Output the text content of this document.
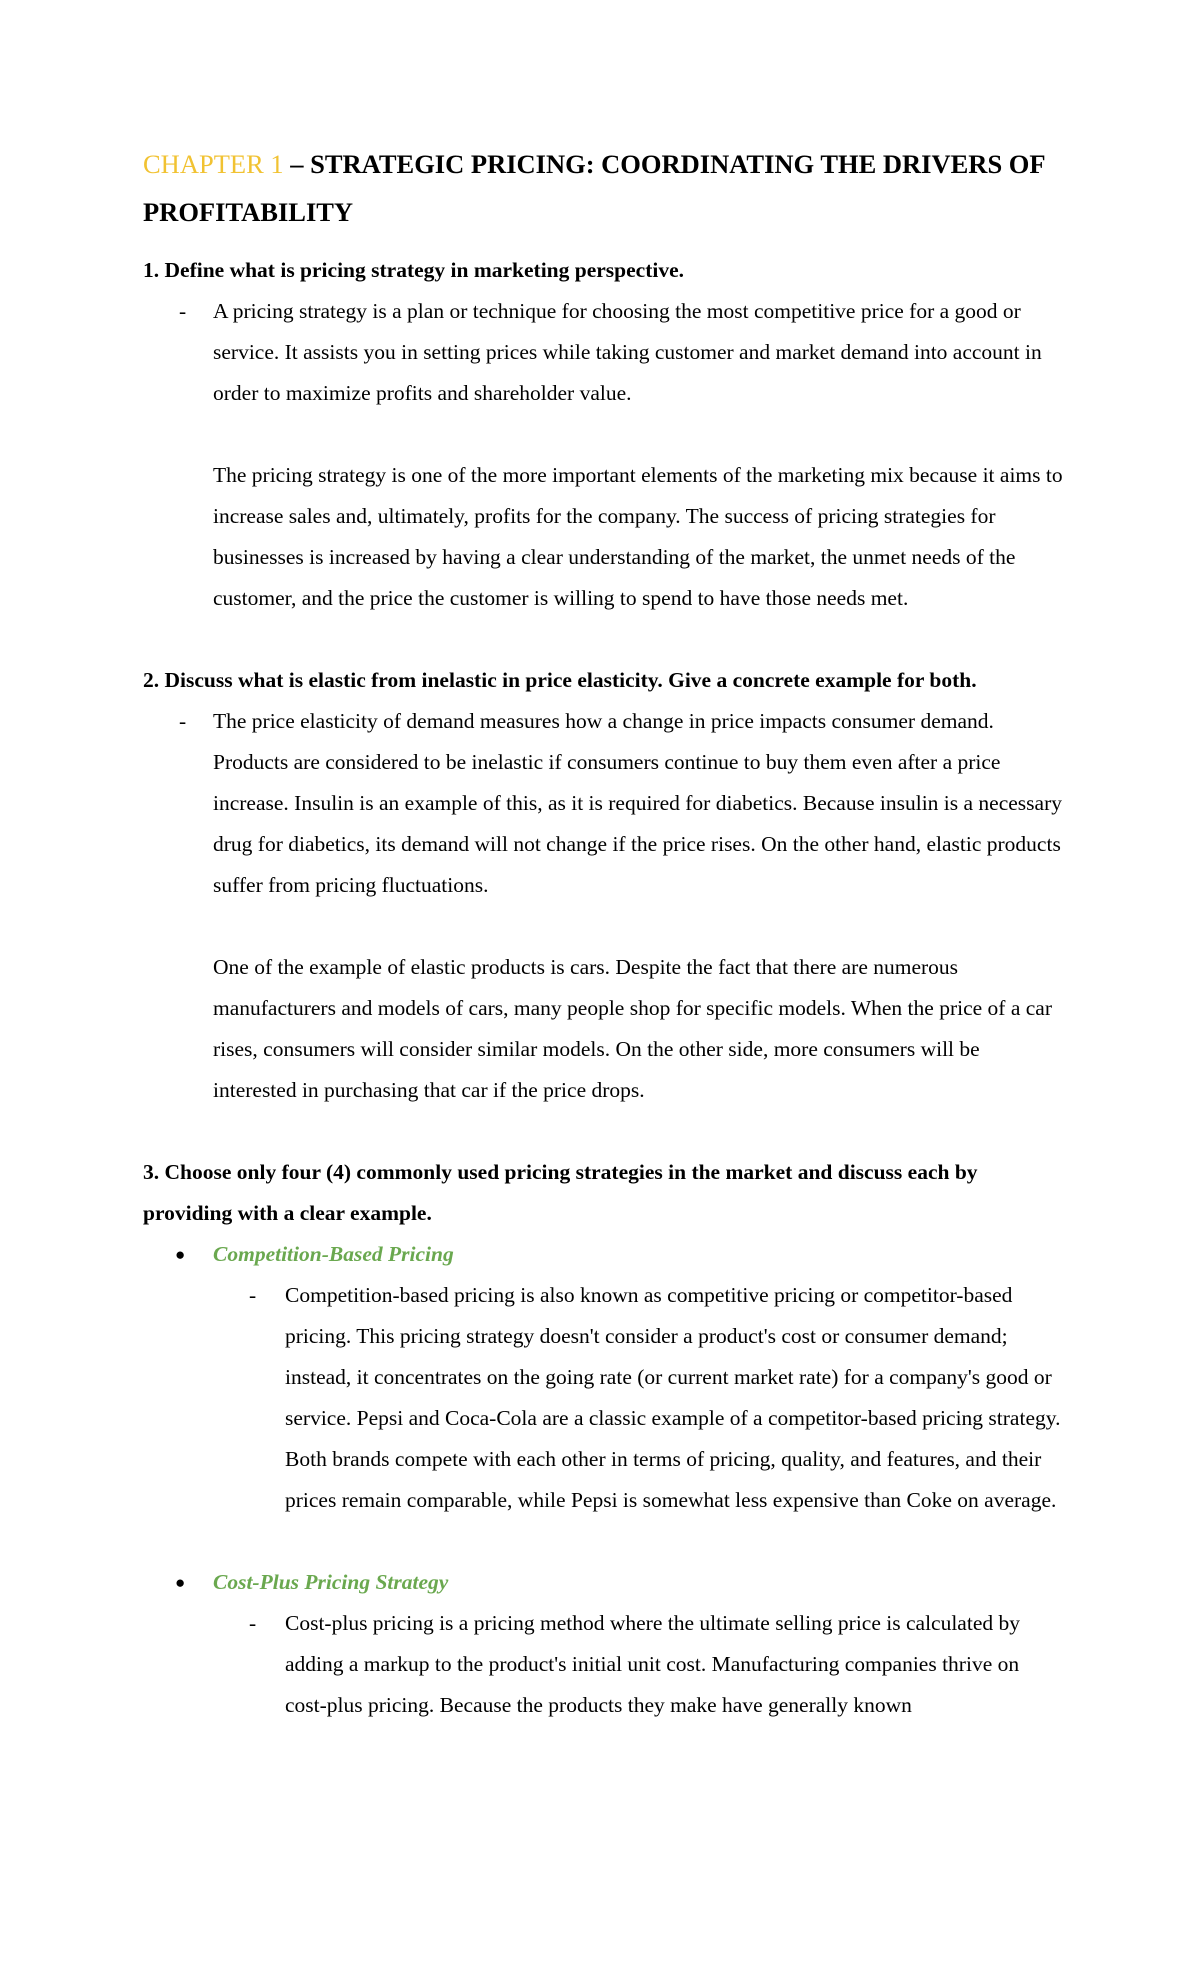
CHAPTER 1 – STRATEGIC PRICING: COORDINATING THE DRIVERS OF PROFITABILITY

1. Define what is pricing strategy in marketing perspective.

-	A pricing strategy is a plan or technique for choosing the most competitive price for a good or service. It assists you in setting prices while taking customer and market demand into account in order to maximize profits and shareholder value.

The pricing strategy is one of the more important elements of the marketing mix because it aims to increase sales and, ultimately, profits for the company. The success of pricing strategies for businesses is increased by having a clear understanding of the market, the unmet needs of the customer, and the price the customer is willing to spend to have those needs met.

2. Discuss what is elastic from inelastic in price elasticity. Give a concrete example for both.

-	The price elasticity of demand measures how a change in price impacts consumer demand. Products are considered to be inelastic if consumers continue to buy them even after a price increase. Insulin is an example of this, as it is required for diabetics. Because insulin is a necessary drug for diabetics, its demand will not change if the price rises. On the other hand, elastic products suffer from pricing fluctuations.

One of the example of elastic products is cars. Despite the fact that there are numerous manufacturers and models of cars, many people shop for specific models. When the price of a car rises, consumers will consider similar models. On the other side, more consumers will be interested in purchasing that car if the price drops.

3. Choose only four (4) commonly used pricing strategies in the market and discuss each by providing with a clear example.

●	Competition-Based Pricing
-	Competition-based pricing is also known as competitive pricing or competitor-based pricing. This pricing strategy doesn't consider a product's cost or consumer demand; instead, it concentrates on the going rate (or current market rate) for a company's good or service. Pepsi and Coca-Cola are a classic example of a competitor-based pricing strategy. Both brands compete with each other in terms of pricing, quality, and features, and their prices remain comparable, while Pepsi is somewhat less expensive than Coke on average.
●	Cost-Plus Pricing Strategy
-	Cost-plus pricing is a pricing method where the ultimate selling price is calculated by adding a markup to the product's initial unit cost. Manufacturing companies thrive on cost-plus pricing. Because the products they make have generally known
